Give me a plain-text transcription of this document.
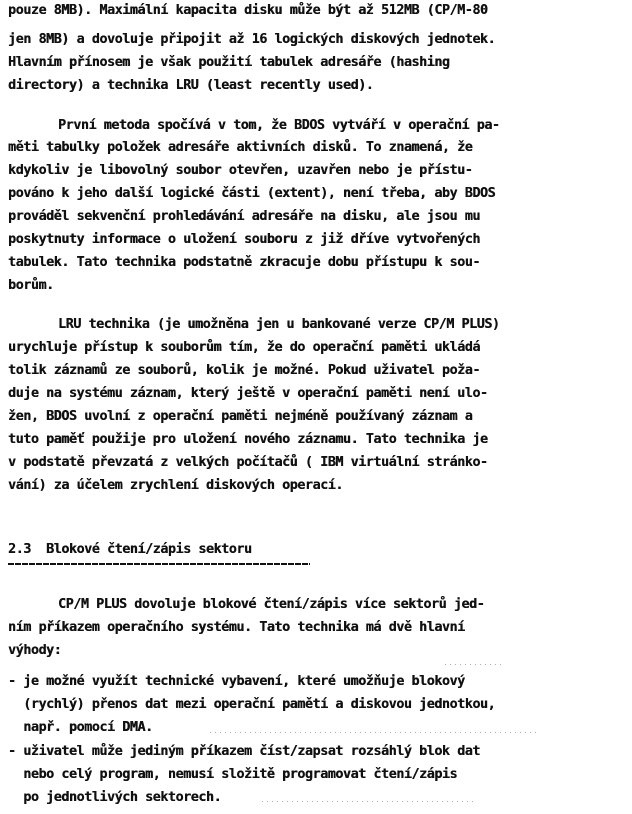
pouze 8MB). Maximální kapacita disku může být až 512MB (CP/M-80
jen 8MB) a dovoluje připojit až 16 logických diskových jednotek.
Hlavním přínosem je však použití tabulek adresáře (hashing
directory) a technika LRU (least recently used).
První metoda spočívá v tom, že BDOS vytváří v operační pa-
měti tabulky položek adresáře aktivních disků. To znamená, že
kdykoliv je libovolný soubor otevřen, uzavřen nebo je přístu-
pováno k jeho další logické části (extent), není třeba, aby BDOS
prováděl sekvenční prohledávání adresáře na disku, ale jsou mu
poskytnuty informace o uložení souboru z již dříve vytvořených
tabulek. Tato technika podstatně zkracuje dobu přístupu k sou-
borům.
LRU technika (je umožněna jen u bankované verze CP/M PLUS)
urychluje přístup k souborům tím, že do operační paměti ukládá
tolik záznamů ze souborů, kolik je možné. Pokud uživatel poža-
duje na systému záznam, který ještě v operační paměti není ulo-
žen, BDOS uvolní z operační paměti nejméně používaný záznam a
tuto paměť použije pro uložení nového záznamu. Tato technika je
v podstatě převzatá z velkých počítačů ( IBM virtuální stránko-
vání) za účelem zrychlení diskových operací.
2.3  Blokové čtení/zápis sektoru
CP/M PLUS dovoluje blokové čtení/zápis více sektorů jed-
ním příkazem operačního systému. Tato technika má dvě hlavní
výhody:
- je možné využít technické vybavení, které umožňuje blokový
(rychlý) přenos dat mezi operační pamětí a diskovou jednotkou,
např. pomocí DMA.
- uživatel může jediným příkazem číst/zapsat rozsáhlý blok dat
nebo celý program, nemusí složitě programovat čtení/zápis
po jednotlivých sektorech.
